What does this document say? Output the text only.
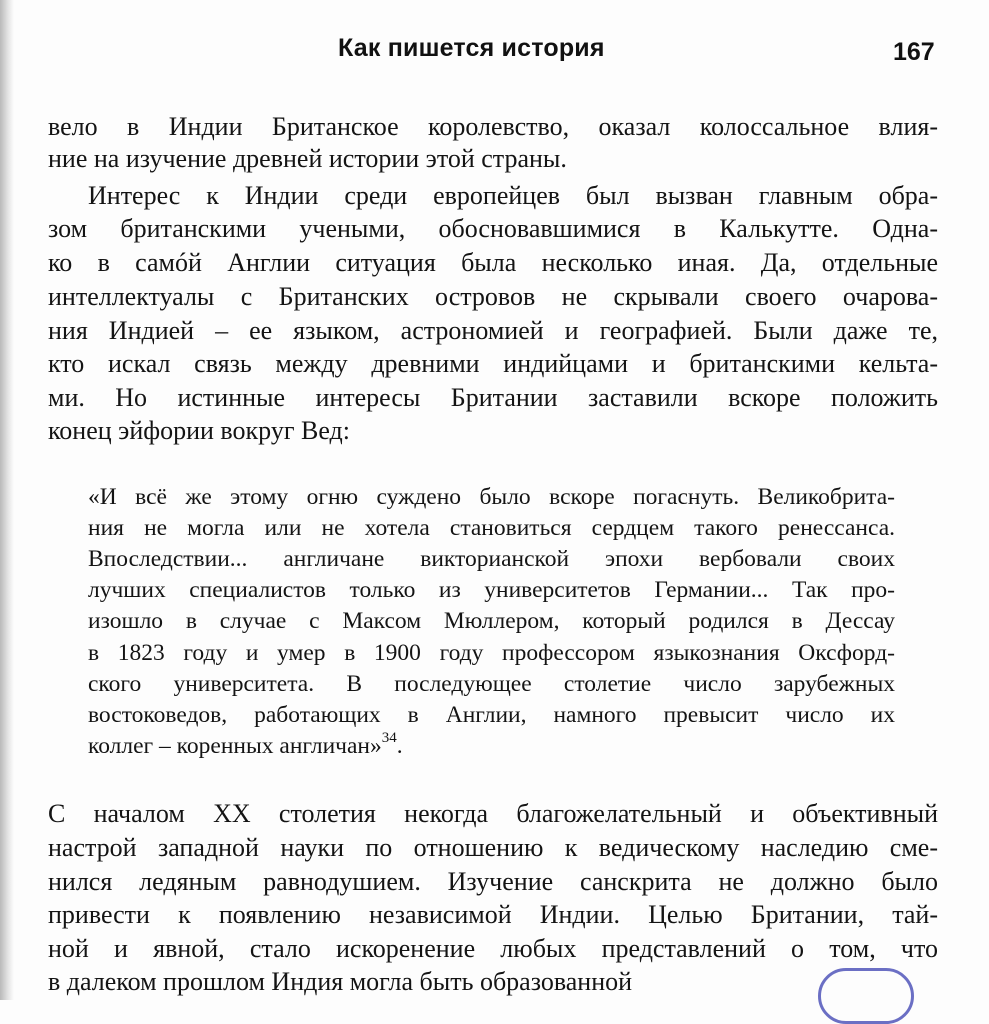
Как пишется история	167
вело в Индии Британское королевство, оказал колоссальное влия-
ние на изучение древней истории этой страны.
Интерес к Индии среди европейцев был вызван главным обра-
зом британскими учеными, обосновавшимися в Калькутте. Одна-
ко в самóй Англии ситуация была несколько иная. Да, отдельные
интеллектуалы с Британских островов не скрывали своего очарова-
ния Индией – ее языком, астрономией и географией. Были даже те,
кто искал связь между древними индийцами и британскими кельта-
ми. Но истинные интересы Британии заставили вскоре положить
конец эйфории вокруг Вед:
«И всё же этому огню суждено было вскоре погаснуть. Великобрита-
ния не могла или не хотела становиться сердцем такого ренессанса.
Впоследствии... англичане викторианской эпохи вербовали своих
лучших специалистов только из университетов Германии... Так про-
изошло в случае с Максом Мюллером, который родился в Дессау
в 1823 году и умер в 1900 году профессором языкознания Оксфорд-
ского университета. В последующее столетие число зарубежных
востоковедов, работающих в Англии, намного превысит число их
коллег – коренных англичан»$^{34}$.
С началом XX столетия некогда благожелательный и объективный
настрой западной науки по отношению к ведическому наследию сме-
нился ледяным равнодушием. Изучение санскрита не должно было
привести к появлению независимой Индии. Целью Британии, тай-
ной и явной, стало искоренение любых представлений о том, что
в далеком прошлом Индия могла быть образованной
